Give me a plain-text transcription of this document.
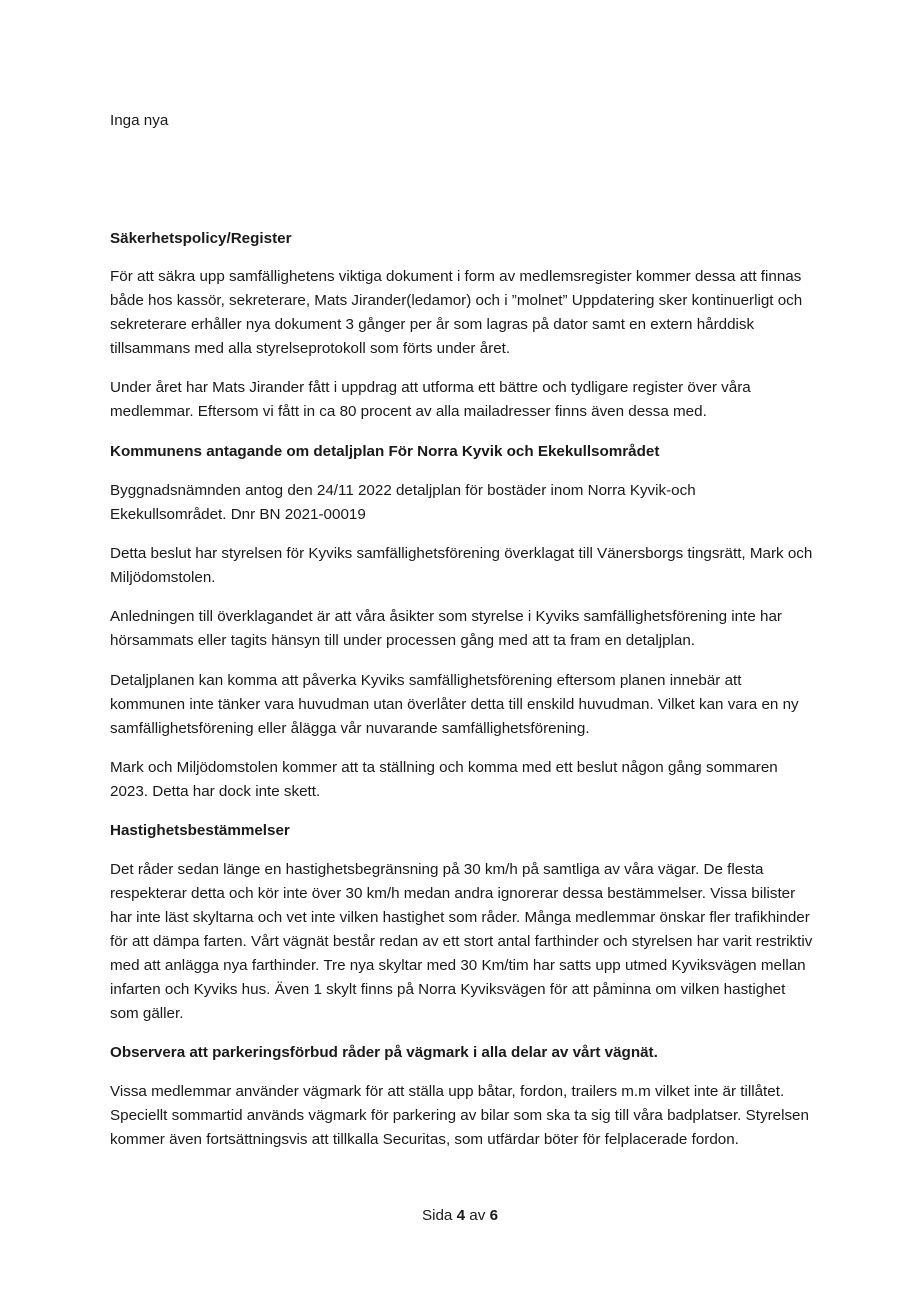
Inga nya

Säkerhetspolicy/Register

För att säkra upp samfällighetens viktiga dokument i form av medlemsregister kommer dessa att finnas både hos kassör, sekreterare, Mats Jirander(ledamor) och i ”molnet” Uppdatering sker kontinuerligt och sekreterare erhåller nya dokument 3 gånger per år som lagras på dator samt en extern hårddisk tillsammans med alla styrelseprotokoll som förts under året.

Under året har Mats Jirander fått i uppdrag att utforma ett bättre och tydligare register över våra medlemmar. Eftersom vi fått in ca 80 procent av alla mailadresser finns även dessa med.

Kommunens antagande om detaljplan För Norra Kyvik och Ekekullsområdet

Byggnadsnämnden antog den 24/11 2022 detaljplan för bostäder inom Norra Kyvik-och Ekekullsområdet. Dnr BN 2021-00019

Detta beslut har styrelsen för Kyviks samfällighetsförening överklagat till Vänersborgs tingsrätt, Mark och Miljödomstolen.

Anledningen till överklagandet är att våra åsikter som styrelse i Kyviks samfällighetsförening inte har hörsammats eller tagits hänsyn till under processen gång med att ta fram en detaljplan.

Detaljplanen kan komma att påverka Kyviks samfällighetsförening eftersom planen innebär att kommunen inte tänker vara huvudman utan överlåter detta till enskild huvudman. Vilket kan vara en ny samfällighetsförening eller ålägga vår nuvarande samfällighetsförening.

Mark och Miljödomstolen kommer att ta ställning och komma med ett beslut någon gång sommaren 2023. Detta har dock inte skett.

Hastighetsbestämmelser

Det råder sedan länge en hastighetsbegränsning på 30 km/h på samtliga av våra vägar. De flesta respekterar detta och kör inte över 30 km/h medan andra ignorerar dessa bestämmelser. Vissa bilister har inte läst skyltarna och vet inte vilken hastighet som råder. Många medlemmar önskar fler trafikhinder för att dämpa farten. Vårt vägnät består redan av ett stort antal farthinder och styrelsen har varit restriktiv med att anlägga nya farthinder. Tre nya skyltar med 30 Km/tim har satts upp utmed Kyviksvägen mellan infarten och Kyviks hus. Även 1 skylt finns på Norra Kyviksvägen för att påminna om vilken hastighet som gäller.

Observera att parkeringsförbud råder på vägmark i alla delar av vårt vägnät.

Vissa medlemmar använder vägmark för att ställa upp båtar, fordon, trailers m.m vilket inte är tillåtet. Speciellt sommartid används vägmark för parkering av bilar som ska ta sig till våra badplatser. Styrelsen kommer även fortsättningsvis att tillkalla Securitas, som utfärdar böter för felplacerade fordon.

Sida 4 av 6
